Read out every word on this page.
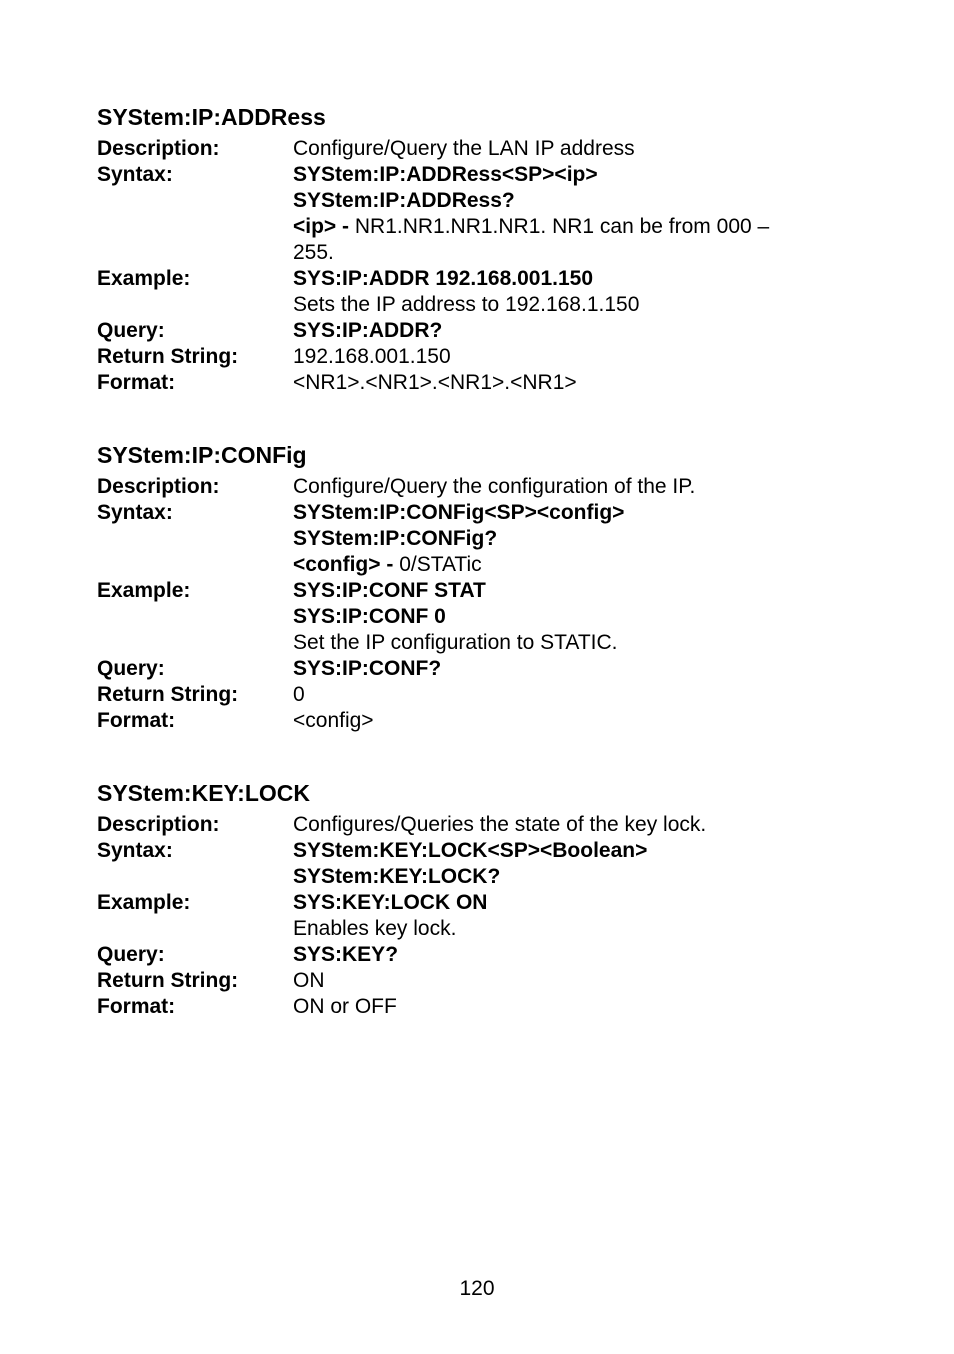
SYStem:IP:ADDRess
Description:	Configure/Query the LAN IP address
Syntax:	SYStem:IP:ADDRess<SP><ip>
SYStem:IP:ADDRess?
<ip> - NR1.NR1.NR1.NR1. NR1 can be from 000 –
255.
Example:	SYS:IP:ADDR 192.168.001.150
Sets the IP address to 192.168.1.150
Query:	SYS:IP:ADDR?
Return String:	192.168.001.150
Format:	<NR1>.<NR1>.<NR1>.<NR1>
SYStem:IP:CONFig
Description:	Configure/Query the configuration of the IP.
Syntax:	SYStem:IP:CONFig<SP><config>
SYStem:IP:CONFig?
<config> - 0/STATic
Example:	SYS:IP:CONF STAT
SYS:IP:CONF 0
Set the IP configuration to STATIC.
Query:	SYS:IP:CONF?
Return String:	0
Format:	<config>
SYStem:KEY:LOCK
Description:	Configures/Queries the state of the key lock.
Syntax:	SYStem:KEY:LOCK<SP><Boolean>
SYStem:KEY:LOCK?
Example:	SYS:KEY:LOCK ON
Enables key lock.
Query:	SYS:KEY?
Return String:	ON
Format:	ON or OFF
120
